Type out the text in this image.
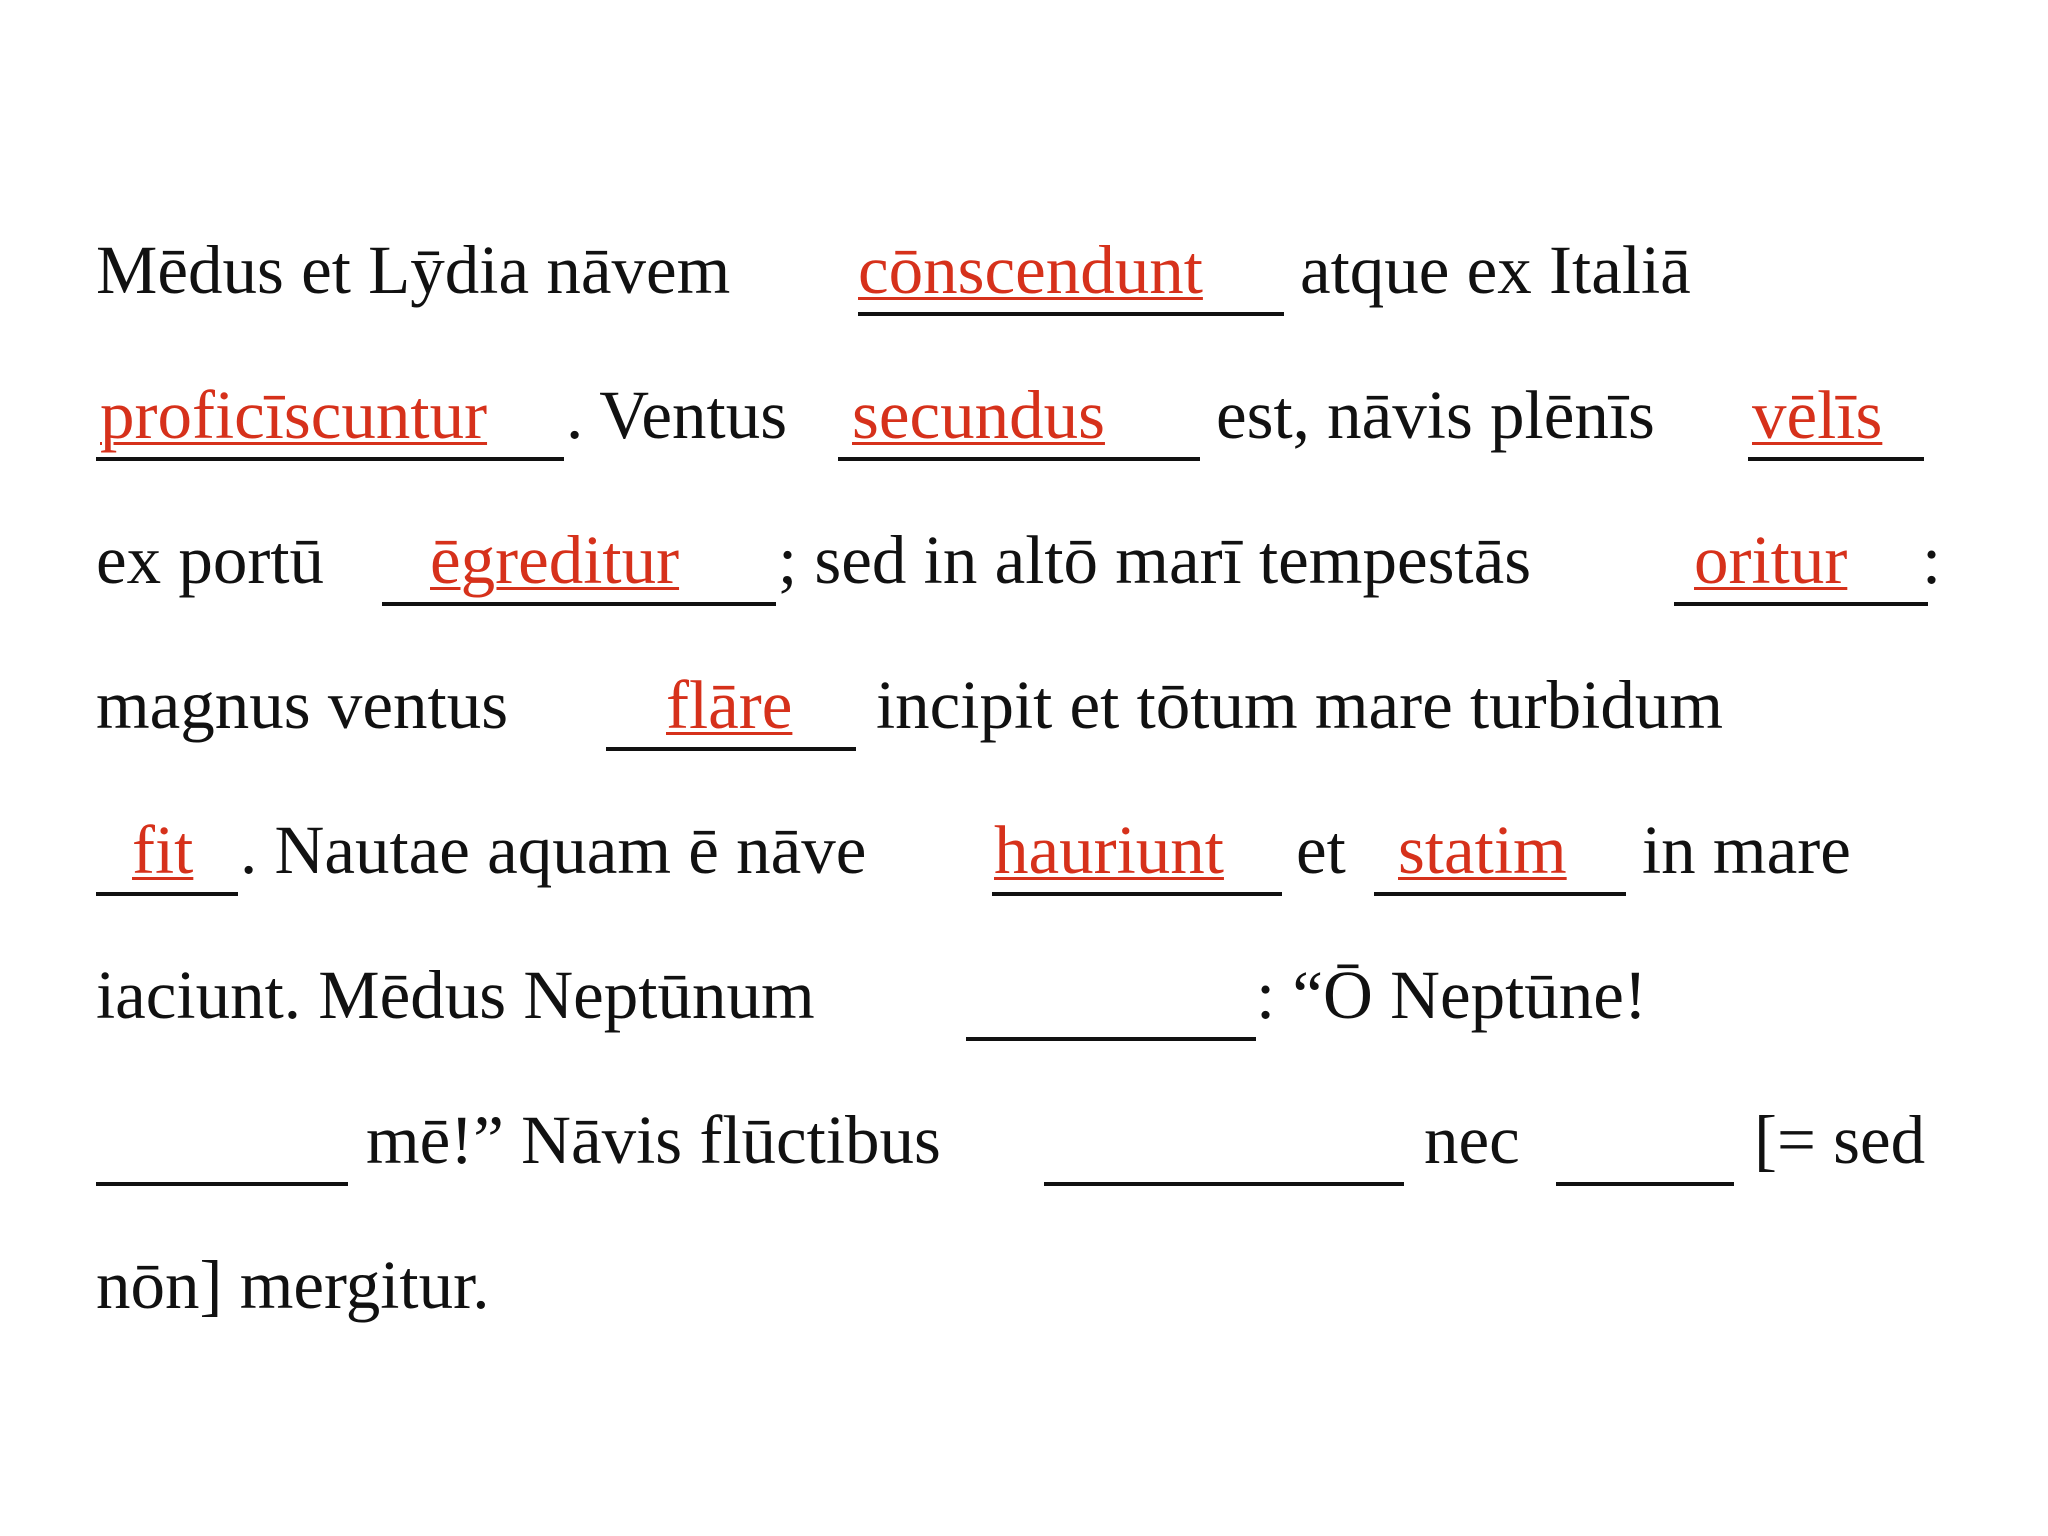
Mēdus et Lȳdia nāvem cōnscendunt atque ex Italiā
proficīscuntur . Ventus secundus est, nāvis plēnīs vēlīs
ex portū ēgreditur ; sed in altō marī tempestās oritur :
magnus ventus flāre incipit et tōtum mare turbidum
fit . Nautae aquam ē nāve hauriunt et statim in mare
iaciunt. Mēdus Neptūnum	: “Ō Neptūne!
mē!” Nāvis flūctibus	nec	[= sed
nōn] mergitur.
